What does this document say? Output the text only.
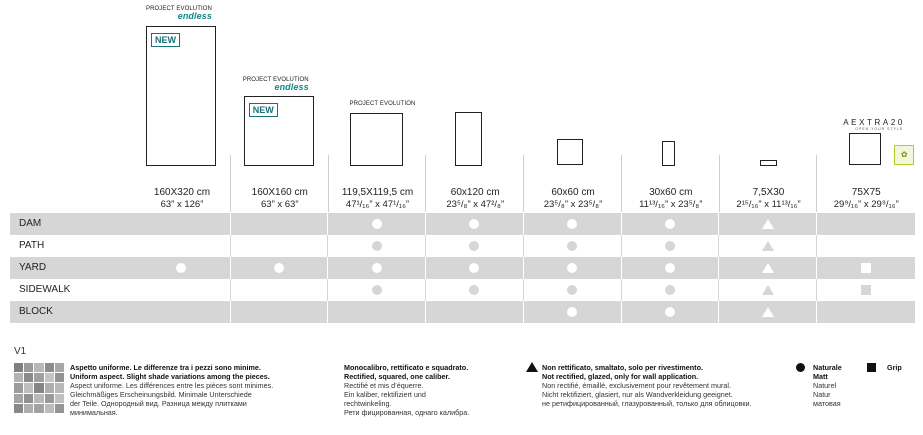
PROJECT EVOLUTION
endless
NEW
160X320 cm
63” x 126”
PROJECT EVOLUTION
endless
NEW
160X160 cm
63” x 63”
PROJECT EVOLUTION
119,5X119,5 cm
47¹/₁₆” x 47¹/₁₆”
60x120 cm
23⁵/₈” x 47²/₈”
60x60 cm
23⁵/₈” x 23⁵/₈”
30x60 cm
11¹³/₁₆” x 23⁵/₈”
7,5X30
2¹⁵/₁₆” x 11¹³/₁₆”
AEXTRA20
OPEN YOUR STYLE
✿
75X75
29⁹/₁₆” x 29⁹/₁₆”
DAM
PATH
YARD
SIDEWALK
BLOCK
V1
Aspetto uniforme. Le differenze tra i pezzi sono minime.
Uniform aspect. Slight shade variations among the pieces.
Aspect uniforme. Les différences entre les pièces sont minimes.
Gleichmäßiges Erscheinungsbild. Minimale Unterschiede
der Teile. Однородный вид. Разница между плитками
минимальная.
Monocalibro, rettificato e squadrato.
Rectified, squared, one caliber.
Rectifié et mis d’équerre.
Ein kaliber, rektifiziert und
rechtwinkeling.
Рети фицированная, однаго калибра.
Non rettificato, smaltato, solo per rivestimento.
Not rectified, glazed, only for wall application.
Non rectifié, émaillé, exclusivement pour revêtement mural.
Nicht rektifiziert, glasiert, nur als Wandverkleidung geeignet.
не ретифицированный, глазурованный, только для облицовки.
Naturale
Matt
Naturel
Natur
матовая
Grip
